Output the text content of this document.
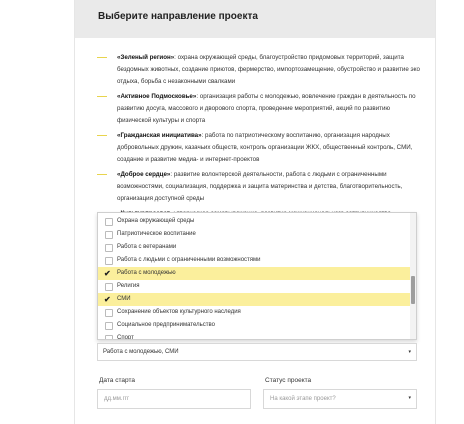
Выберите направление проекта
«Зеленый регион»: охрана окружающей среды, благоустройство придомовых территорий, защита бездомных животных, создание приютов, фермерство, импортозамещение, обустройство и развитие эко отдыха, борьба с незаконными свалками
«Активное Подмосковье»: организация работы с молодежью, вовлечение граждан в деятельность по развитию досуга, массового и дворового спорта, проведение мероприятий, акций по развитию физической культуры и спорта
«Гражданская инициатива»: работа по патриотическому воспитанию, организация народных добровольных дружин, казачьих обществ, контроль организации ЖКХ, общественный контроль, СМИ, создание и развитие медиа- и интернет-проектов
«Доброе сердце»: развитие волонтерской деятельности, работа с людьми с ограниченными возможностями, социализация, поддержка и защита материнства и детства, благотворительность, организация доступной среды
Охрана окружающей среды
Патриотическое воспитание
Работа с ветеранами
Работа с людьми с ограниченными возможностями
✔ Работа с молодежью
Религия
✔ СМИ
Сохранение объектов культурного наследия
Социальное предпринимательство
Спорт
Работа с молодежью, СМИ	▾
Дата старта
дд.мм.ггг
Статус проекта
На какой этапе проект?	▾
